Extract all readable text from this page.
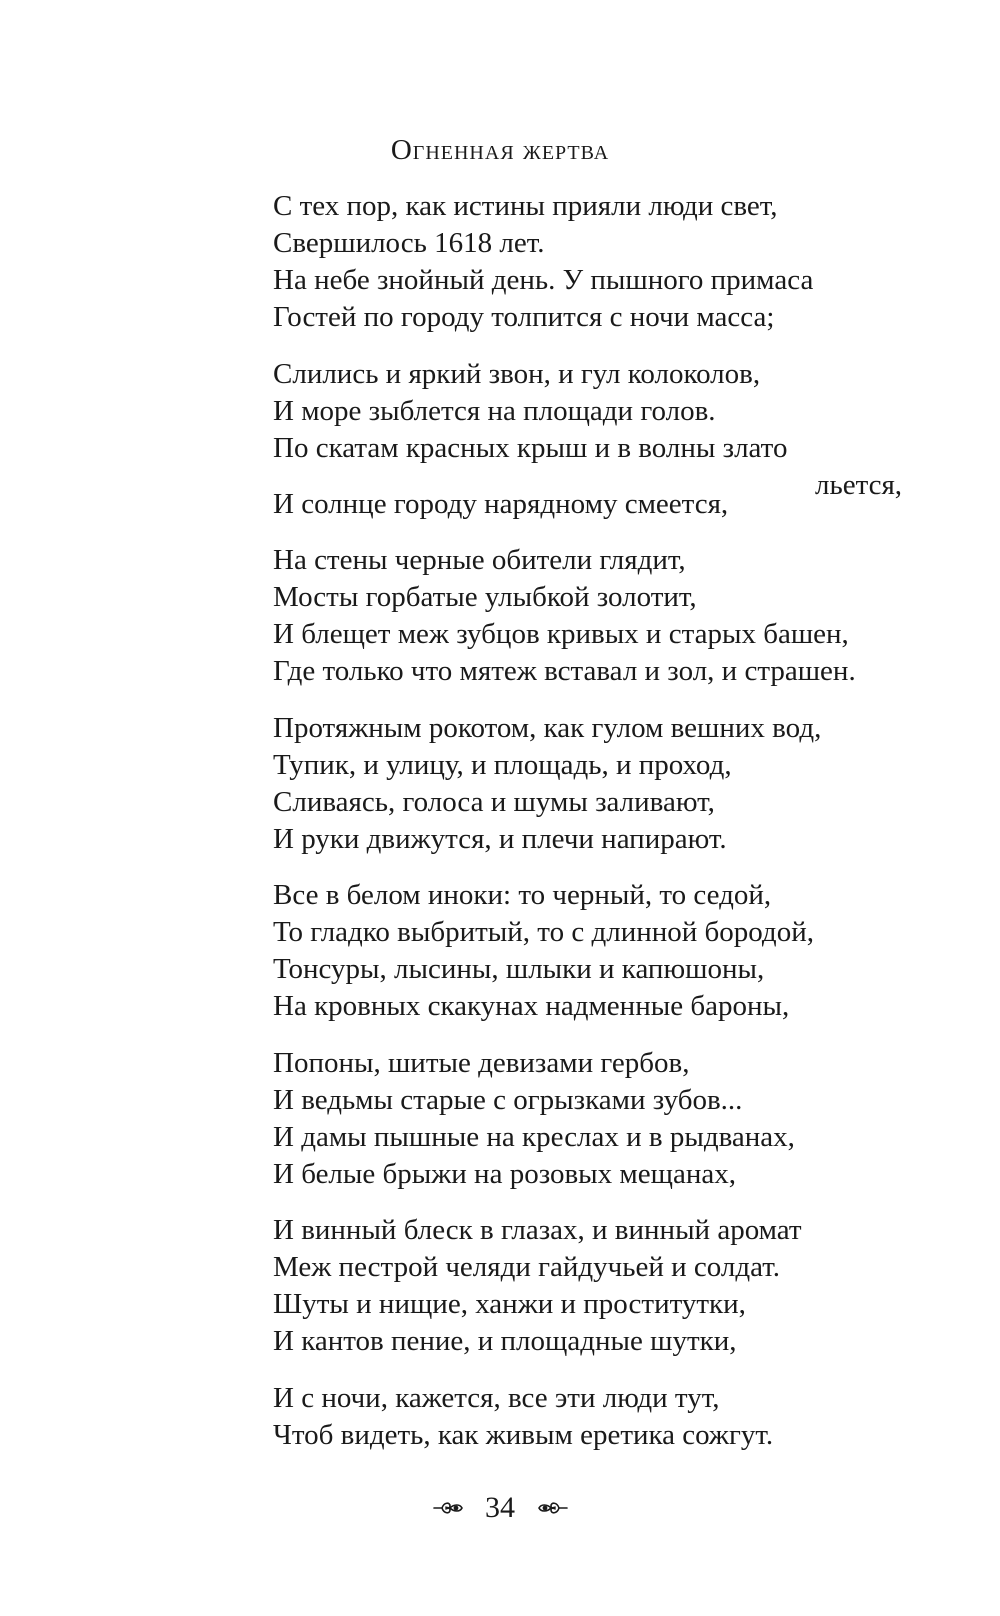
Огненная жертва
С тех пор, как истины прияли люди свет,
Свершилось 1618 лет.
На небе знойный день. У пышного примаса
Гостей по городу толпится с ночи масса;
Слились и яркий звон, и гул колоколов,
И море зыблется на площади голов.
По скатам красных крыш и в волны злато
льется,
И солнце городу нарядному смеется,
На стены черные обители глядит,
Мосты горбатые улыбкой золотит,
И блещет меж зубцов кривых и старых башен,
Где только что мятеж вставал и зол, и страшен.
Протяжным рокотом, как гулом вешних вод,
Тупик, и улицу, и площадь, и проход,
Сливаясь, голоса и шумы заливают,
И руки движутся, и плечи напирают.
Все в белом иноки: то черный, то седой,
То гладко выбритый, то с длинной бородой,
Тонсуры, лысины, шлыки и капюшоны,
На кровных скакунах надменные бароны,
Попоны, шитые девизами гербов,
И ведьмы старые с огрызками зубов...
И дамы пышные на креслах и в рыдванах,
И белые брыжи на розовых мещанах,
И винный блеск в глазах, и винный аромат
Меж пестрой челяди гайдучьей и солдат.
Шуты и нищие, ханжи и проститутки,
И кантов пение, и площадные шутки,
И с ночи, кажется, все эти люди тут,
Чтоб видеть, как живым еретика сожгут.
34
